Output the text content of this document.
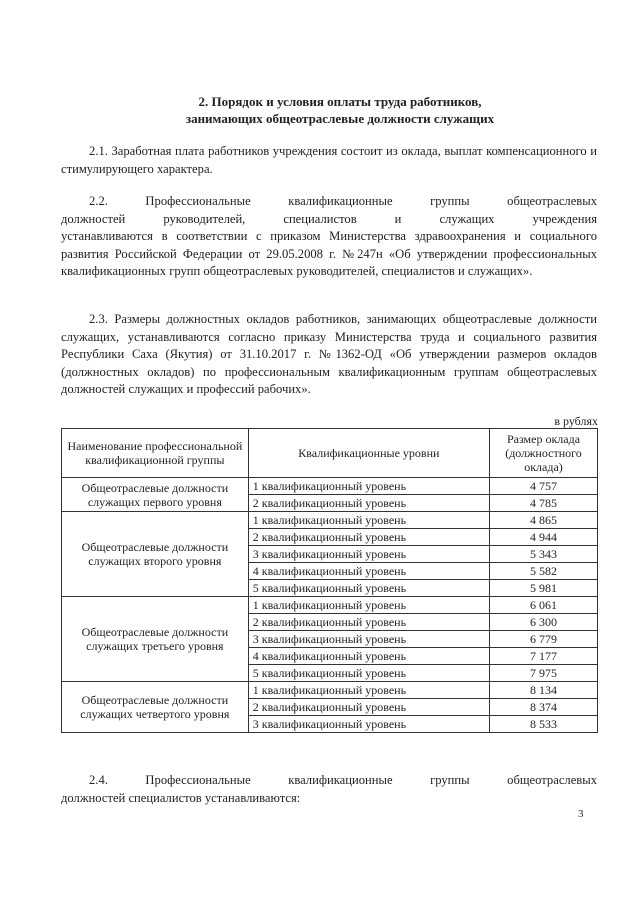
2. Порядок и условия оплаты труда работников,
занимающих общеотраслевые должности служащих
2.1. Заработная плата работников учреждения состоит из оклада, выплат компенсационного и стимулирующего характера.
2.2. Профессиональные квалификационные группы общеотраслевых
должностей руководителей, специалистов и служащих учреждения
устанавливаются в соответствии с приказом Министерства здравоохранения и социального развития Российской Федерации от 29.05.2008 г. №247н «Об утверждении профессиональных квалификационных групп общеотраслевых руководителей, специалистов и служащих».
2.3. Размеры должностных окладов работников, занимающих общеотраслевые должности служащих, устанавливаются согласно приказу Министерства труда и социального развития Республики Саха (Якутия) от 31.10.2017 г. №1362-ОД «Об утверждении размеров окладов (должностных окладов) по профессиональным квалификационным группам общеотраслевых должностей служащих и профессий рабочих».
в рублях
Наименование профессиональной квалификационной группы	Квалификационные уровни	Размер оклада (должностного оклада)
Общеотраслевые должности служащих первого уровня	1 квалификационный уровень	4 757
	2 квалификационный уровень	4 785
Общеотраслевые должности служащих второго уровня	1 квалификационный уровень	4 865
	2 квалификационный уровень	4 944
	3 квалификационный уровень	5 343
	4 квалификационный уровень	5 582
	5 квалификационный уровень	5 981
Общеотраслевые должности служащих третьего уровня	1 квалификационный уровень	6 061
	2 квалификационный уровень	6 300
	3 квалификационный уровень	6 779
	4 квалификационный уровень	7 177
	5 квалификационный уровень	7 975
Общеотраслевые должности служащих четвертого уровня	1 квалификационный уровень	8 134
	2 квалификационный уровень	8 374
	3 квалификационный уровень	8 533
2.4. Профессиональные квалификационные группы общеотраслевых
должностей специалистов устанавливаются:
3
